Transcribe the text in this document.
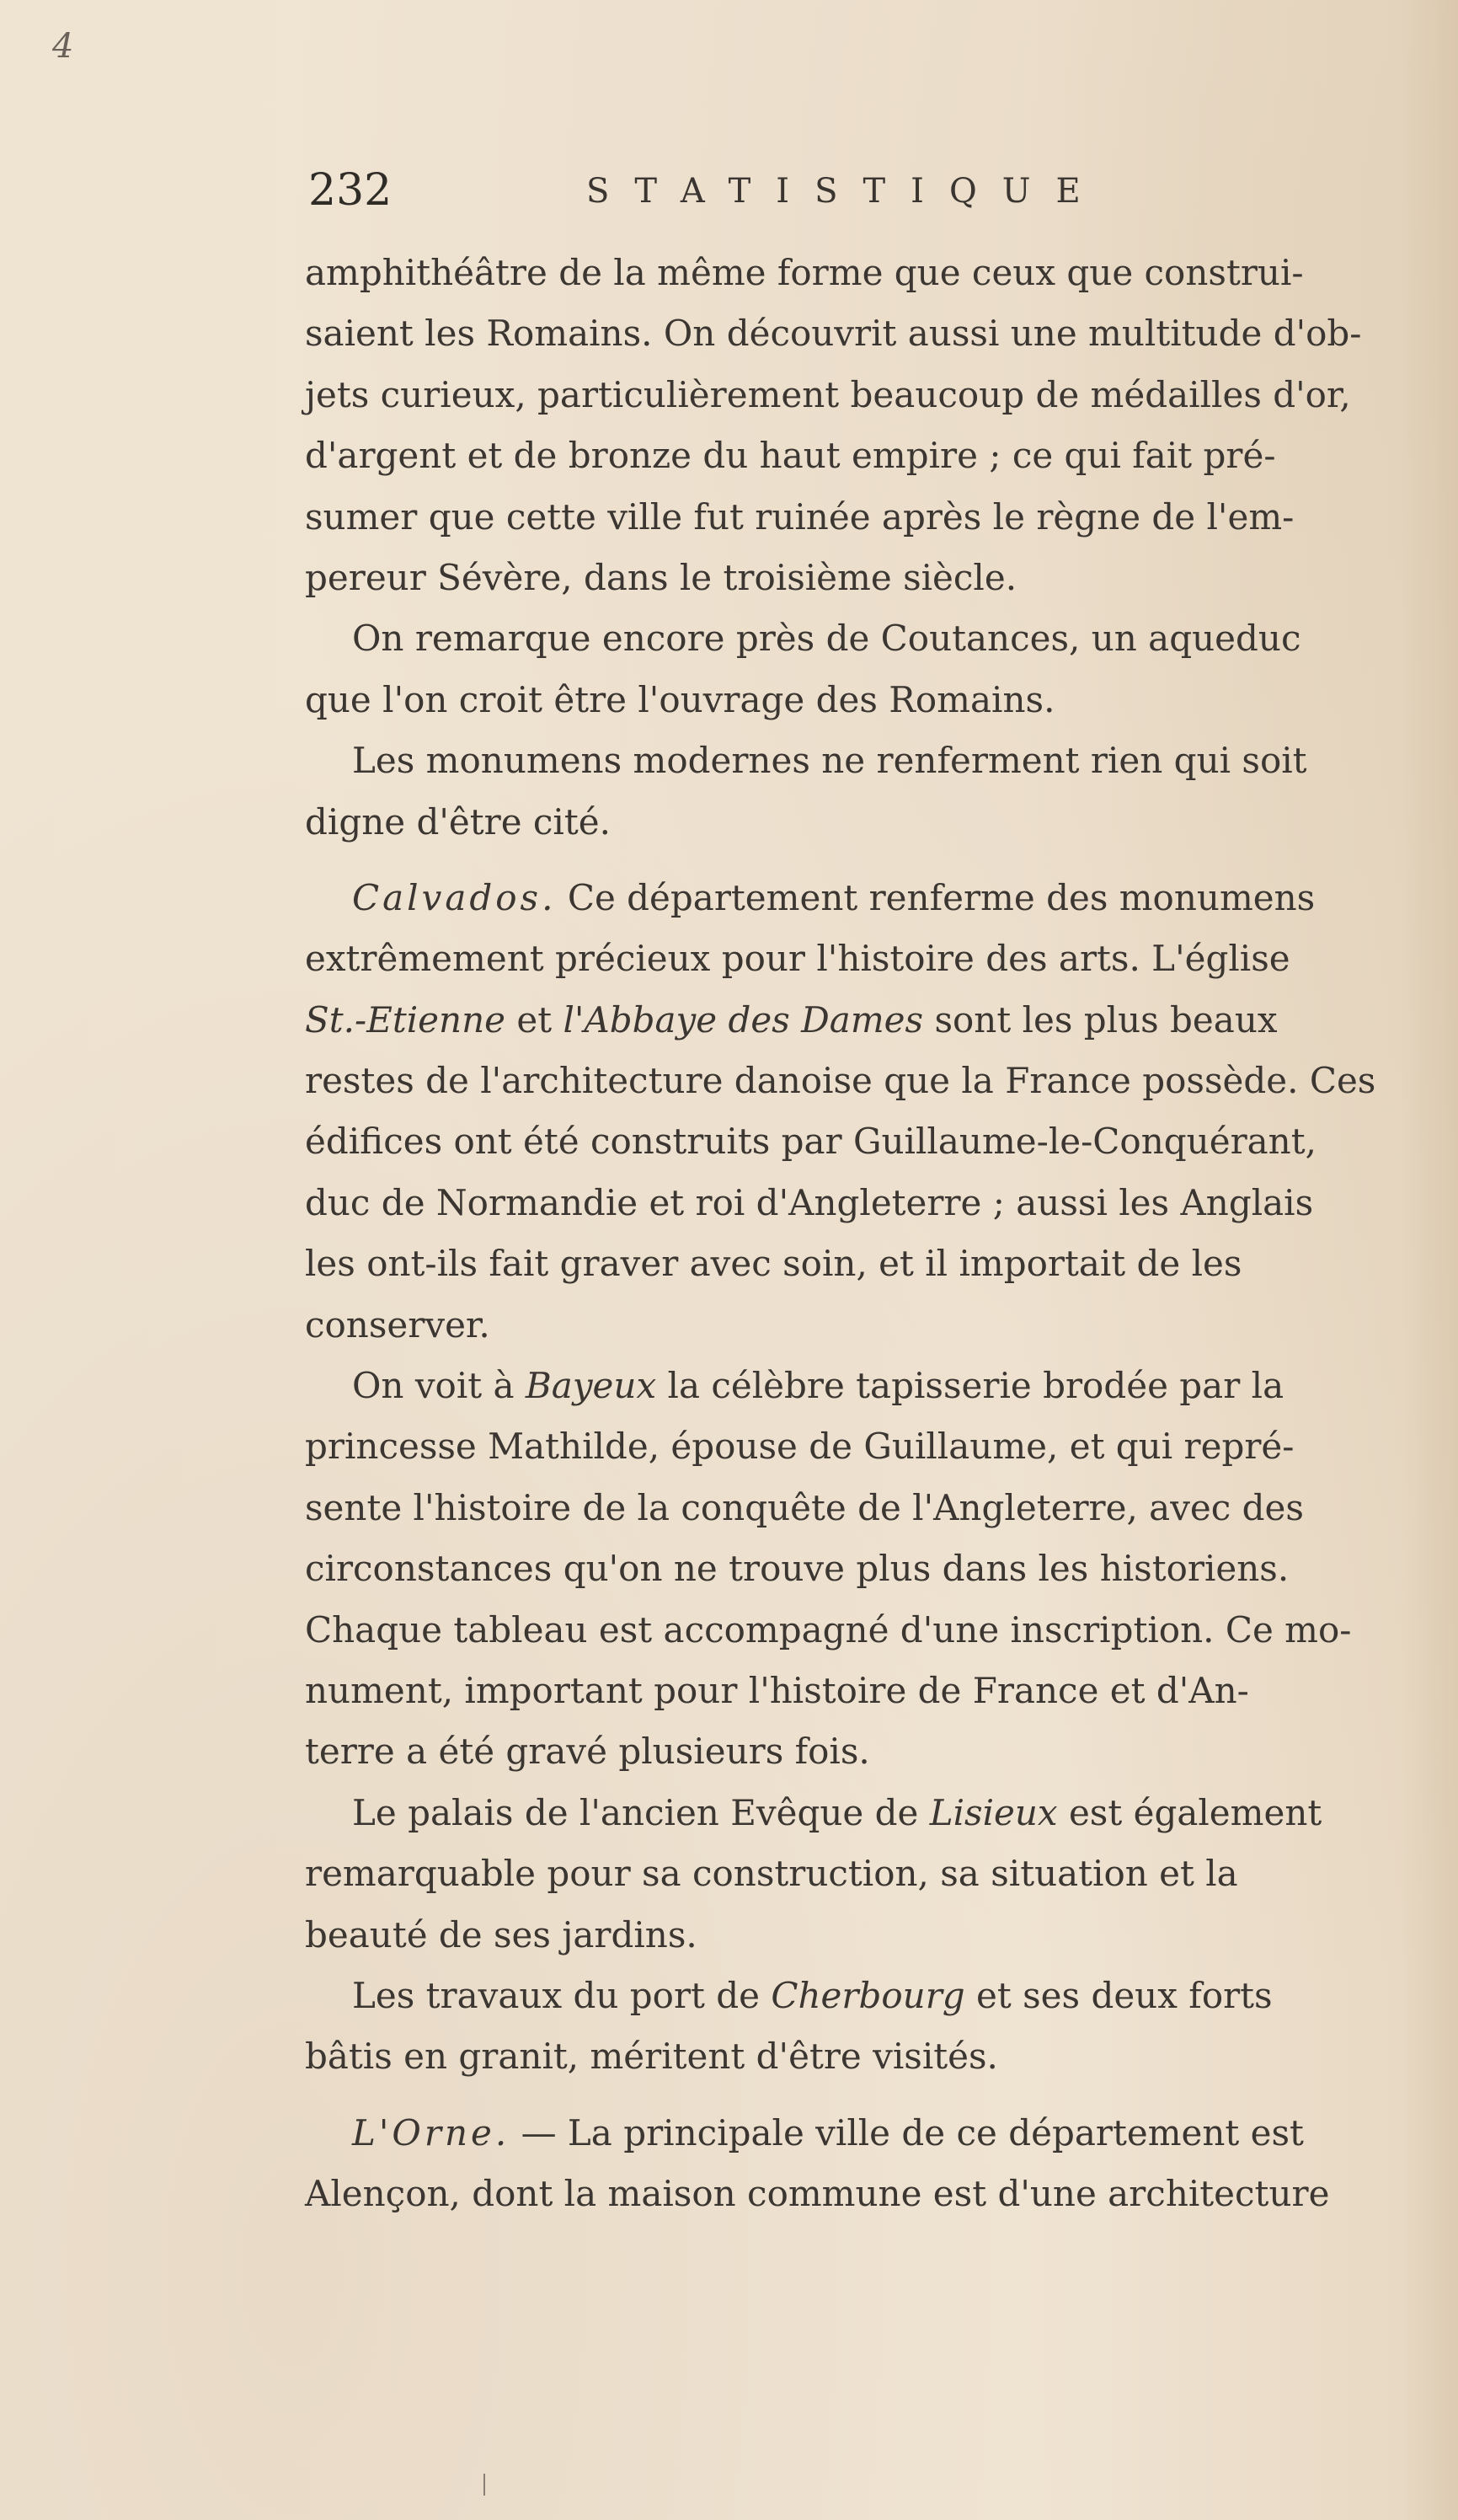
4
232	STATISTIQUE
amphithéâtre de la même forme que ceux que construi-
saient les Romains. On découvrit aussi une multitude d'ob-
jets curieux, particulièrement beaucoup de médailles d'or,
d'argent et de bronze du haut empire ; ce qui fait pré-
sumer que cette ville fut ruinée après le règne de l'em-
pereur Sévère, dans le troisième siècle.
On remarque encore près de Coutances, un aqueduc
que l'on croit être l'ouvrage des Romains.
Les monumens modernes ne renferment rien qui soit
digne d'être cité.
Calvados. Ce département renferme des monumens
extrêmement précieux pour l'histoire des arts. L'église
St.-Etienne et l'Abbaye des Dames sont les plus beaux
restes de l'architecture danoise que la France possède. Ces
édifices ont été construits par Guillaume-le-Conquérant,
duc de Normandie et roi d'Angleterre ; aussi les Anglais
les ont-ils fait graver avec soin, et il importait de les
conserver.
On voit à Bayeux la célèbre tapisserie brodée par la
princesse Mathilde, épouse de Guillaume, et qui repré-
sente l'histoire de la conquête de l'Angleterre, avec des
circonstances qu'on ne trouve plus dans les historiens.
Chaque tableau est accompagné d'une inscription. Ce mo-
nument, important pour l'histoire de France et d'An-
terre a été gravé plusieurs fois.
Le palais de l'ancien Evêque de Lisieux est également
remarquable pour sa construction, sa situation et la
beauté de ses jardins.
Les travaux du port de Cherbourg et ses deux forts
bâtis en granit, méritent d'être visités.
L'Orne. — La principale ville de ce département est
Alençon, dont la maison commune est d'une architecture
